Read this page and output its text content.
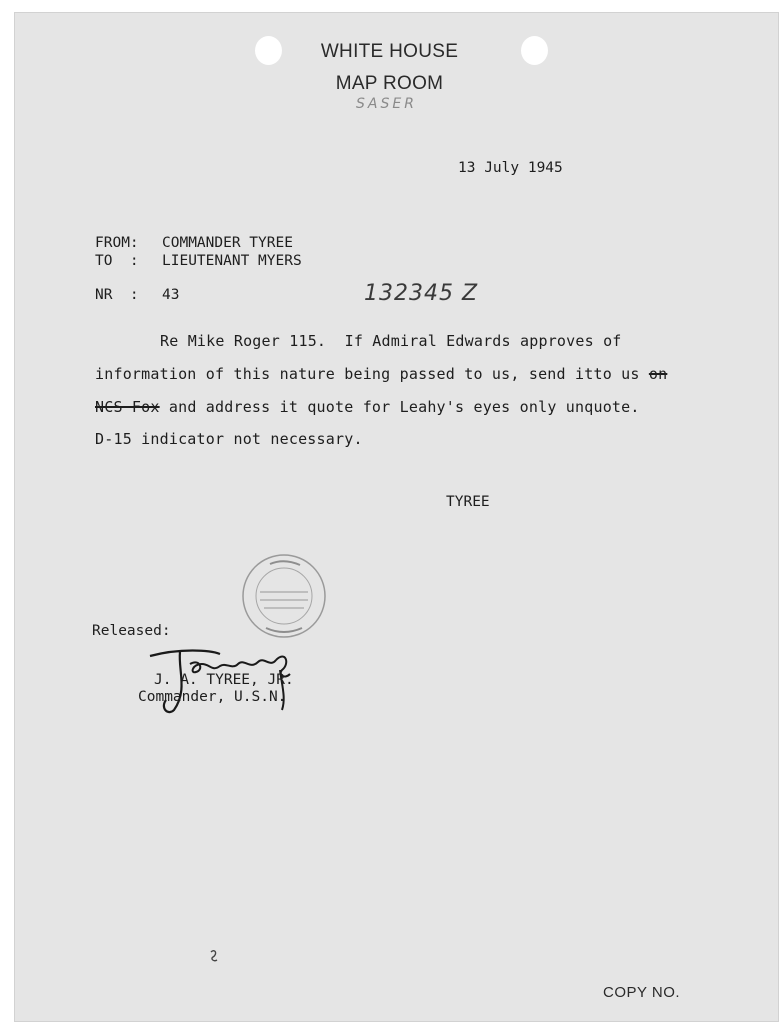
WHITE HOUSE
MAP ROOM
SASER
13 July 1945
FROM: COMMANDER TYREE
TO  : LIEUTENANT MYERS
NR  : 43	132345 Z
Re Mike Roger 115.  If Admiral Edwards approves of
information of this nature being passed to us, send itto us on
NCS Fox and address it quote for Leahy's eyes only unquote.
D-15 indicator not necessary.
TYREE
Released:
J. A. TYREE, JR.
Commander, U.S.N.
COPY NO.
